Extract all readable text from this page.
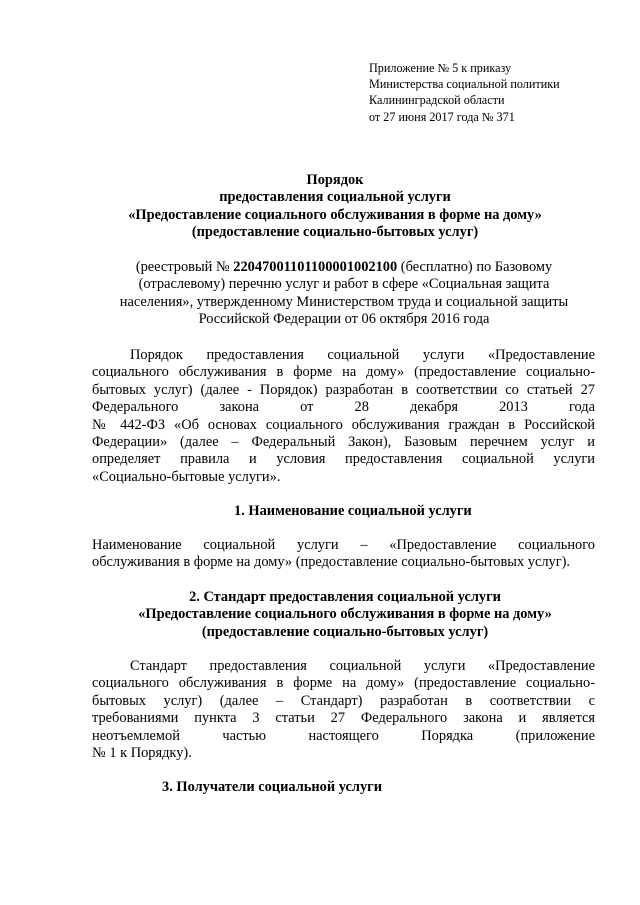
Приложение № 5 к приказу
Министерства социальной политики
Калининградской области
от 27 июня 2017 года № 371
Порядок
предоставления социальной услуги
«Предоставление социального обслуживания в форме на дому»
(предоставление социально-бытовых услуг)
(реестровый № 22047001101100001002100 (бесплатно) по Базовому
(отраслевому) перечню услуг и работ в сфере «Социальная защита
населения», утвержденному Министерством труда и социальной защиты
Российской Федерации от 06 октября 2016 года
Порядок предоставления социальной услуги «Предоставление
социального обслуживания в форме на дому» (предоставление социально-
бытовых услуг) (далее - Порядок) разработан в соответствии со статьей 27
Федерального закона от 28 декабря 2013 года
№ 442-ФЗ «Об основах социального обслуживания граждан в Российской
Федерации» (далее – Федеральный Закон), Базовым перечнем услуг и
определяет правила и условия предоставления социальной услуги
«Социально-бытовые услуги».
1. Наименование социальной услуги
Наименование социальной услуги – «Предоставление социального
обслуживания в форме на дому» (предоставление социально-бытовых услуг).
2. Стандарт предоставления социальной услуги
«Предоставление социального обслуживания в форме на дому»
(предоставление социально-бытовых услуг)
Стандарт предоставления социальной услуги «Предоставление
социального обслуживания в форме на дому» (предоставление социально-
бытовых услуг) (далее – Стандарт) разработан в соответствии с
требованиями пункта 3 статьи 27 Федерального закона и является
неотъемлемой частью настоящего Порядка (приложение
№ 1 к Порядку).
3. Получатели социальной услуги
